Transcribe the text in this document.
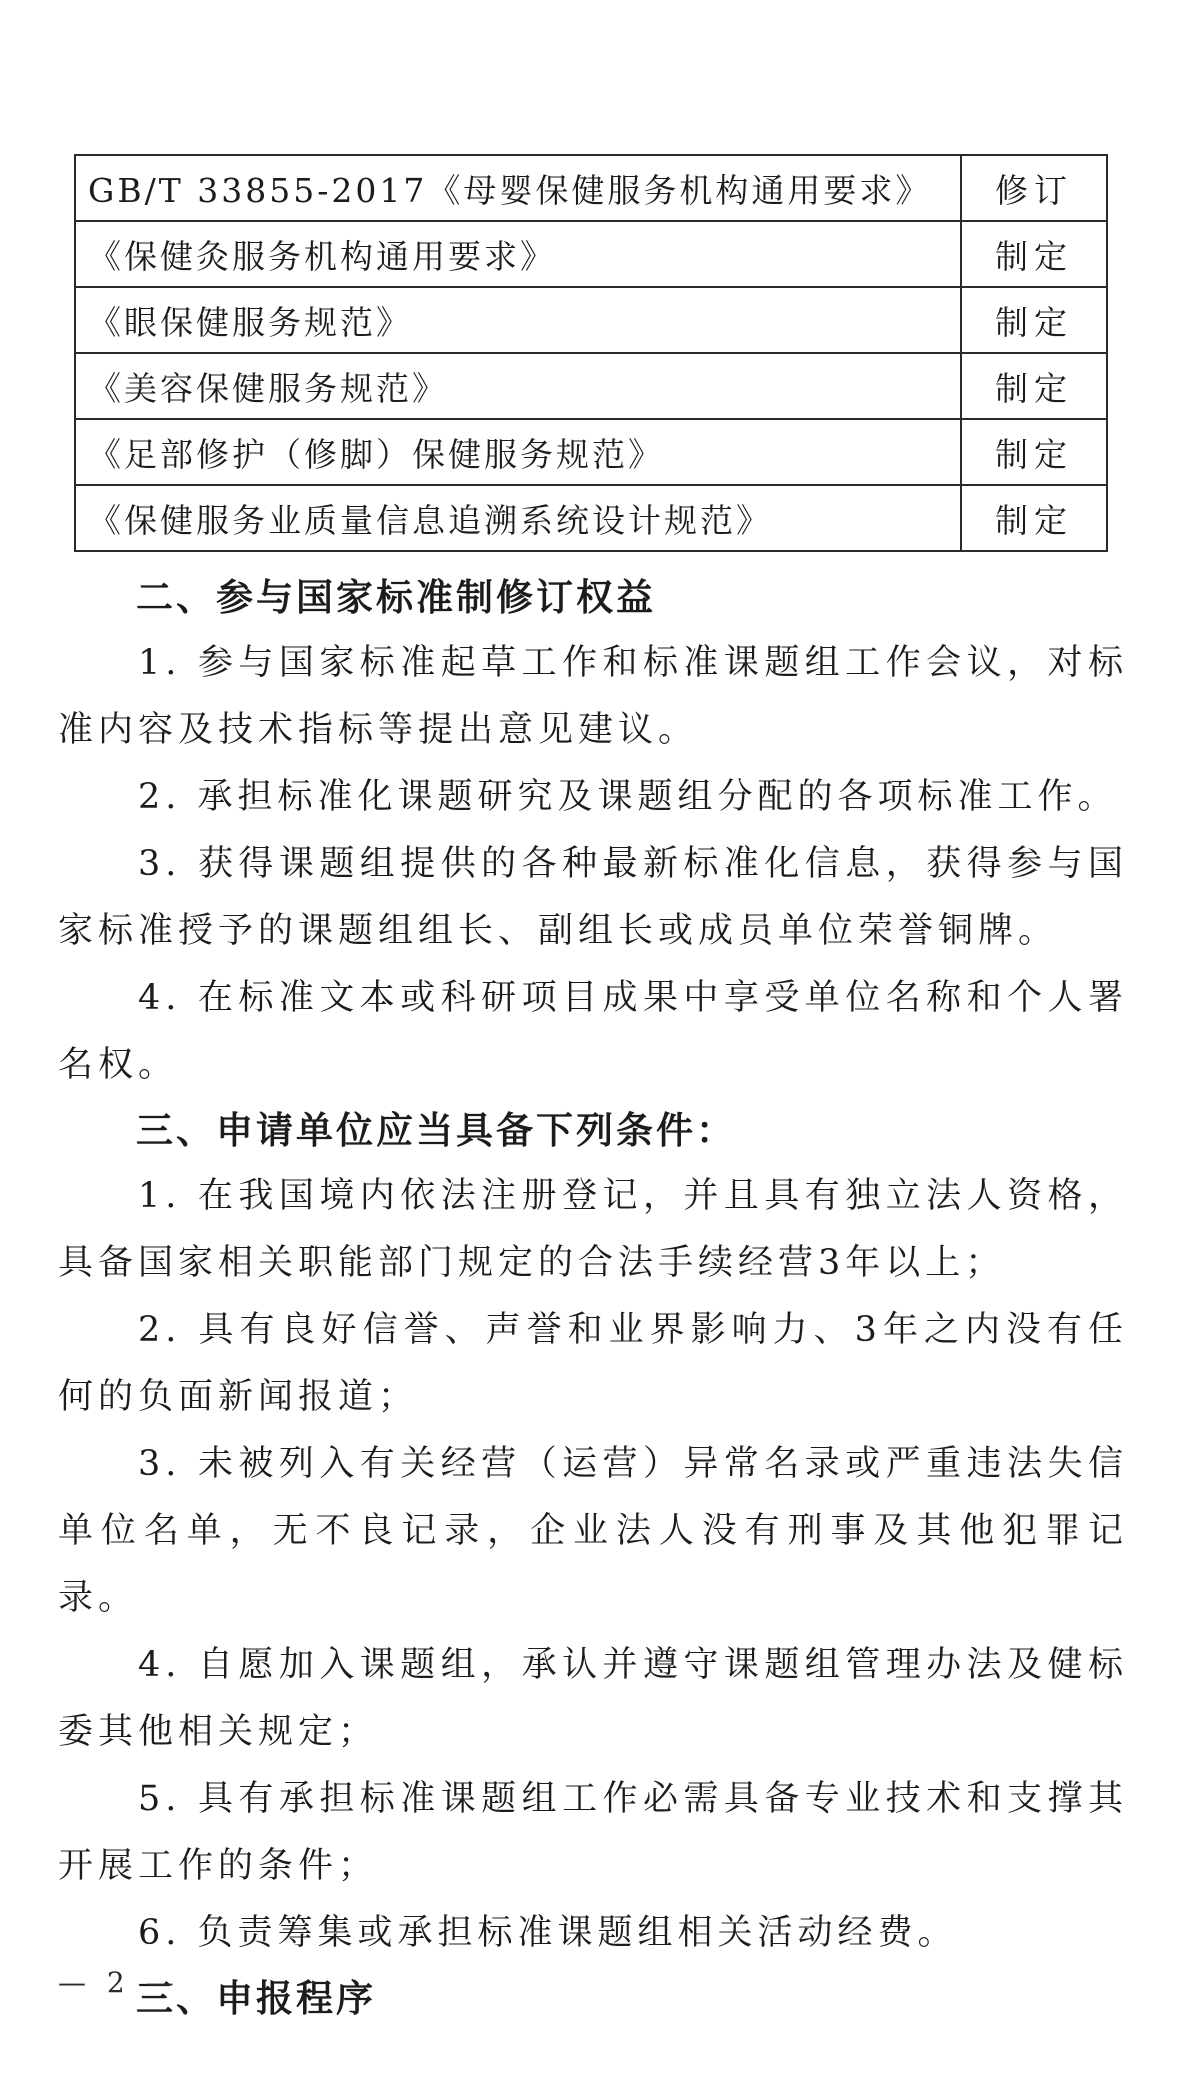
GB/T 33855-2017《母婴保健服务机构通用要求》	修订
《保健灸服务机构通用要求》	制定
《眼保健服务规范》	制定
《美容保健服务规范》	制定
《足部修护（修脚）保健服务规范》	制定
《保健服务业质量信息追溯系统设计规范》	制定

二、参与国家标准制修订权益

1. 参与国家标准起草工作和标准课题组工作会议，对标准内容及技术指标等提出意见建议。

2. 承担标准化课题研究及课题组分配的各项标准工作。

3. 获得课题组提供的各种最新标准化信息，获得参与国家标准授予的课题组组长、副组长或成员单位荣誉铜牌。

4. 在标准文本或科研项目成果中享受单位名称和个人署名权。

三、申请单位应当具备下列条件：

1. 在我国境内依法注册登记，并且具有独立法人资格，具备国家相关职能部门规定的合法手续经营3年以上；

2. 具有良好信誉、声誉和业界影响力、3年之内没有任何的负面新闻报道；

3. 未被列入有关经营（运营）异常名录或严重违法失信单位名单，无不良记录，企业法人没有刑事及其他犯罪记录。

4. 自愿加入课题组，承认并遵守课题组管理办法及健标委其他相关规定；

5. 具有承担标准课题组工作必需具备专业技术和支撑其开展工作的条件；

6. 负责筹集或承担标准课题组相关活动经费。

三、申报程序

— 2 —
